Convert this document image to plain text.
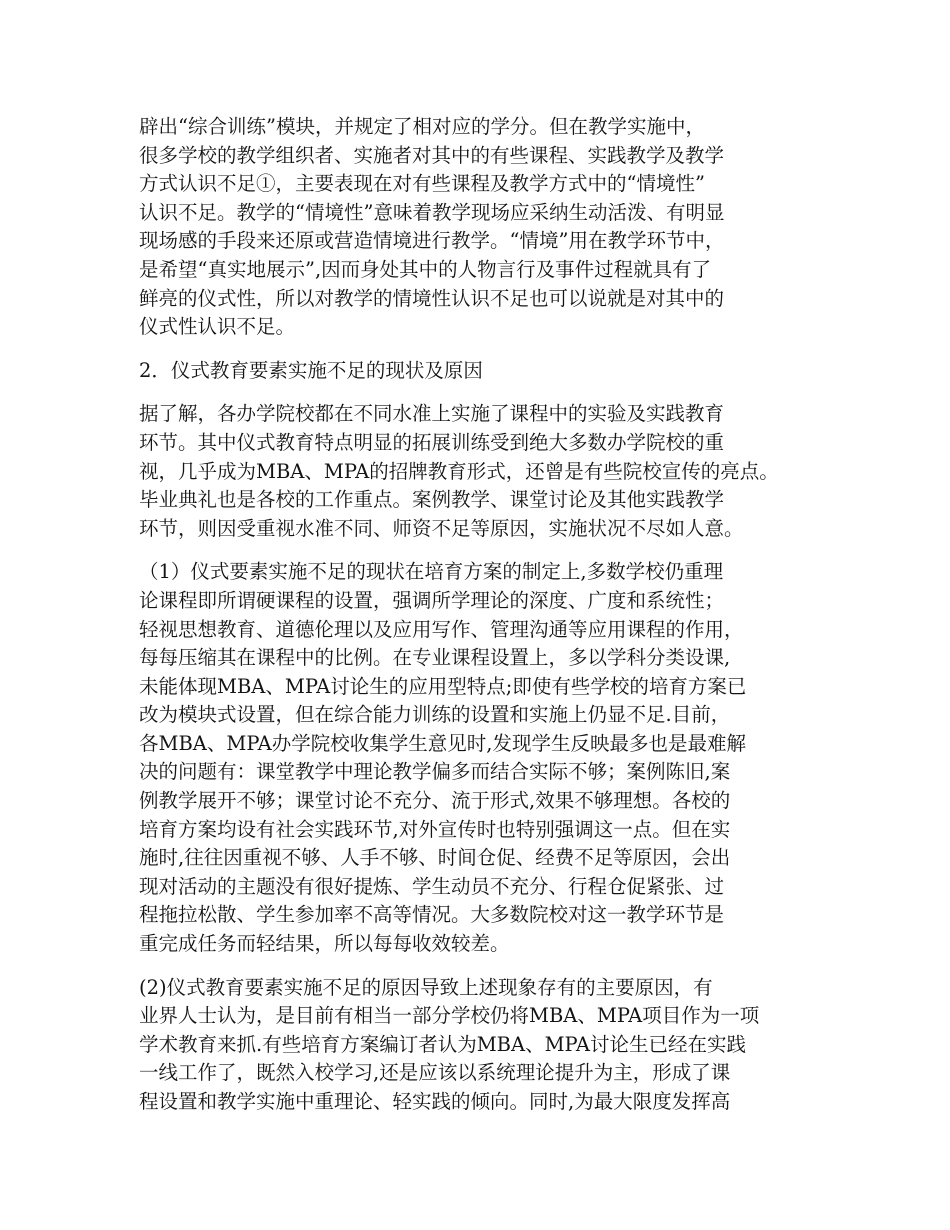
辟出“综合训练”模块，并规定了相对应的学分。但在教学实施中，
很多学校的教学组织者、实施者对其中的有些课程、实践教学及教学
方式认识不足①，主要表现在对有些课程及教学方式中的“情境性”
认识不足。教学的“情境性”意味着教学现场应采纳生动活泼、有明显
现场感的手段来还原或营造情境进行教学。“情境”用在教学环节中，
是希望“真实地展示”,因而身处其中的人物言行及事件过程就具有了
鲜亮的仪式性，所以对教学的情境性认识不足也可以说就是对其中的
仪式性认识不足。
2．仪式教育要素实施不足的现状及原因
据了解，各办学院校都在不同水准上实施了课程中的实验及实践教育
环节。其中仪式教育特点明显的拓展训练受到绝大多数办学院校的重
视，几乎成为MBA、MPA的招牌教育形式，还曾是有些院校宣传的亮点。
毕业典礼也是各校的工作重点。案例教学、课堂讨论及其他实践教学
环节，则因受重视水准不同、师资不足等原因，实施状况不尽如人意。
（1）仪式要素实施不足的现状在培育方案的制定上,多数学校仍重理
论课程即所谓硬课程的设置，强调所学理论的深度、广度和系统性；
轻视思想教育、道德伦理以及应用写作、管理沟通等应用课程的作用，
每每压缩其在课程中的比例。在专业课程设置上，多以学科分类设课,
未能体现MBA、MPA讨论生的应用型特点;即使有些学校的培育方案已
改为模块式设置，但在综合能力训练的设置和实施上仍显不足.目前，
各MBA、MPA办学院校收集学生意见时,发现学生反映最多也是最难解
决的问题有：课堂教学中理论教学偏多而结合实际不够；案例陈旧,案
例教学展开不够；课堂讨论不充分、流于形式,效果不够理想。各校的
培育方案均设有社会实践环节,对外宣传时也特别强调这一点。但在实
施时,往往因重视不够、人手不够、时间仓促、经费不足等原因，会出
现对活动的主题没有很好提炼、学生动员不充分、行程仓促紧张、过
程拖拉松散、学生参加率不高等情况。大多数院校对这一教学环节是
重完成任务而轻结果，所以每每收效较差。
(2)仪式教育要素实施不足的原因导致上述现象存有的主要原因，有
业界人士认为，是目前有相当一部分学校仍将MBA、MPA项目作为一项
学术教育来抓.有些培育方案编订者认为MBA、MPA讨论生已经在实践
一线工作了，既然入校学习,还是应该以系统理论提升为主，形成了课
程设置和教学实施中重理论、轻实践的倾向。同时,为最大限度发挥高
